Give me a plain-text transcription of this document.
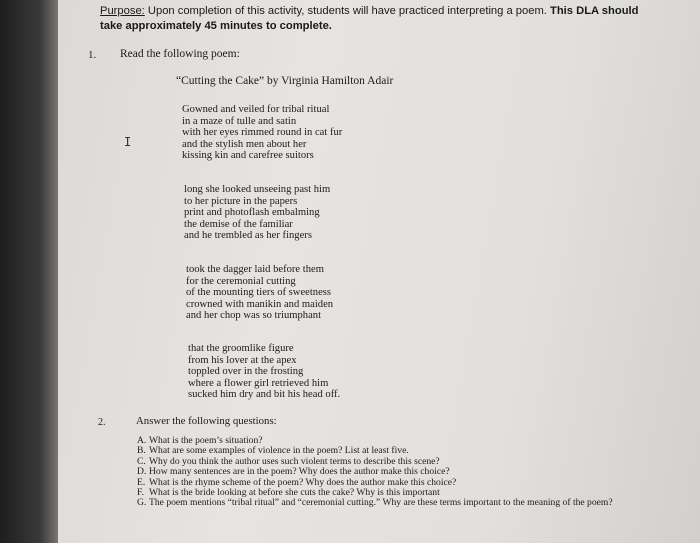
Purpose: Upon completion of this activity, students will have practiced interpreting a poem. This DLA should take approximately 45 minutes to complete.
1. Read the following poem:
“Cutting the Cake” by Virginia Hamilton Adair
I
Gowned and veiled for tribal ritual
in a maze of tulle and satin
with her eyes rimmed round in cat fur
and the stylish men about her
kissing kin and carefree suitors
long she looked unseeing past him
to her picture in the papers
print and photoflash embalming
the demise of the familiar
and he trembled as her fingers
took the dagger laid before them
for the ceremonial cutting
of the mounting tiers of sweetness
crowned with manikin and maiden
and her chop was so triumphant
that the groomlike figure
from his lover at the apex
toppled over in the frosting
where a flower girl retrieved him
sucked him dry and bit his head off.
2.	Answer the following questions:
A. What is the poem’s situation?
B. What are some examples of violence in the poem? List at least five.
C. Why do you think the author uses such violent terms to describe this scene?
D. How many sentences are in the poem? Why does the author make this choice?
E. What is the rhyme scheme of the poem? Why does the author make this choice?
F. What is the bride looking at before she cuts the cake? Why is this important
G. The poem mentions “tribal ritual” and “ceremonial cutting.” Why are these terms important to the meaning of the poem?
